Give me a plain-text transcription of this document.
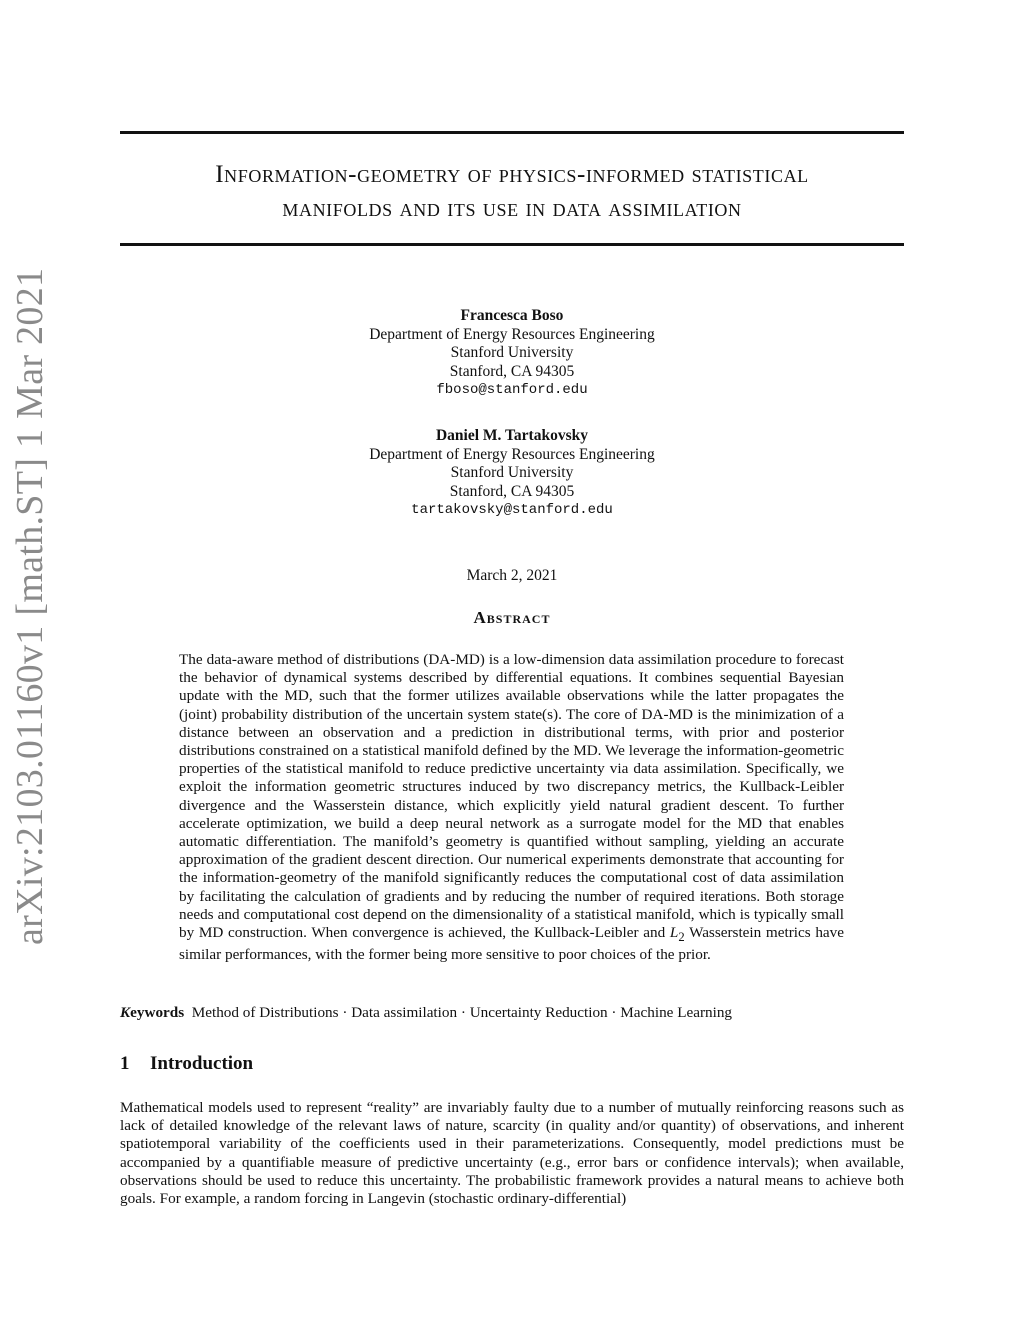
arXiv:2103.01160v1 [math.ST] 1 Mar 2021
Information-geometry of physics-informed statistical
manifolds and its use in data assimilation
Francesca Boso
Department of Energy Resources Engineering
Stanford University
Stanford, CA 94305
fboso@stanford.edu
Daniel M. Tartakovsky
Department of Energy Resources Engineering
Stanford University
Stanford, CA 94305
tartakovsky@stanford.edu
March 2, 2021
Abstract

The data-aware method of distributions (DA-MD) is a low-dimension data assimilation procedure to forecast the behavior of dynamical systems described by differential equations. It combines sequential Bayesian update with the MD, such that the former utilizes available observations while the latter propagates the (joint) probability distribution of the uncertain system state(s). The core of DA-MD is the minimization of a distance between an observation and a prediction in distributional terms, with prior and posterior distributions constrained on a statistical manifold defined by the MD. We leverage the information-geometric properties of the statistical manifold to reduce predictive uncertainty via data assimilation. Specifically, we exploit the information geometric structures induced by two discrepancy metrics, the Kullback-Leibler divergence and the Wasserstein distance, which explicitly yield natural gradient descent. To further accelerate optimization, we build a deep neural network as a surrogate model for the MD that enables automatic differentiation. The manifold’s geometry is quantified without sampling, yielding an accurate approximation of the gradient descent direction. Our numerical experiments demonstrate that accounting for the information-geometry of the manifold significantly reduces the computational cost of data assimilation by facilitating the calculation of gradients and by reducing the number of required iterations. Both storage needs and computational cost depend on the dimensionality of a statistical manifold, which is typically small by MD construction. When convergence is achieved, the Kullback-Leibler and $L_2$ Wasserstein metrics have similar performances, with the former being more sensitive to poor choices of the prior.

Keywords Method of Distributions · Data assimilation · Uncertainty Reduction · Machine Learning
1 Introduction

Mathematical models used to represent “reality” are invariably faulty due to a number of mutually reinforcing reasons such as lack of detailed knowledge of the relevant laws of nature, scarcity (in quality and/or quantity) of observations, and inherent spatiotemporal variability of the coefficients used in their parameterizations. Consequently, model predictions must be accompanied by a quantifiable measure of predictive uncertainty (e.g., error bars or confidence intervals); when available, observations should be used to reduce this uncertainty. The probabilistic framework provides a natural means to achieve both goals. For example, a random forcing in Langevin (stochastic ordinary-differential)
